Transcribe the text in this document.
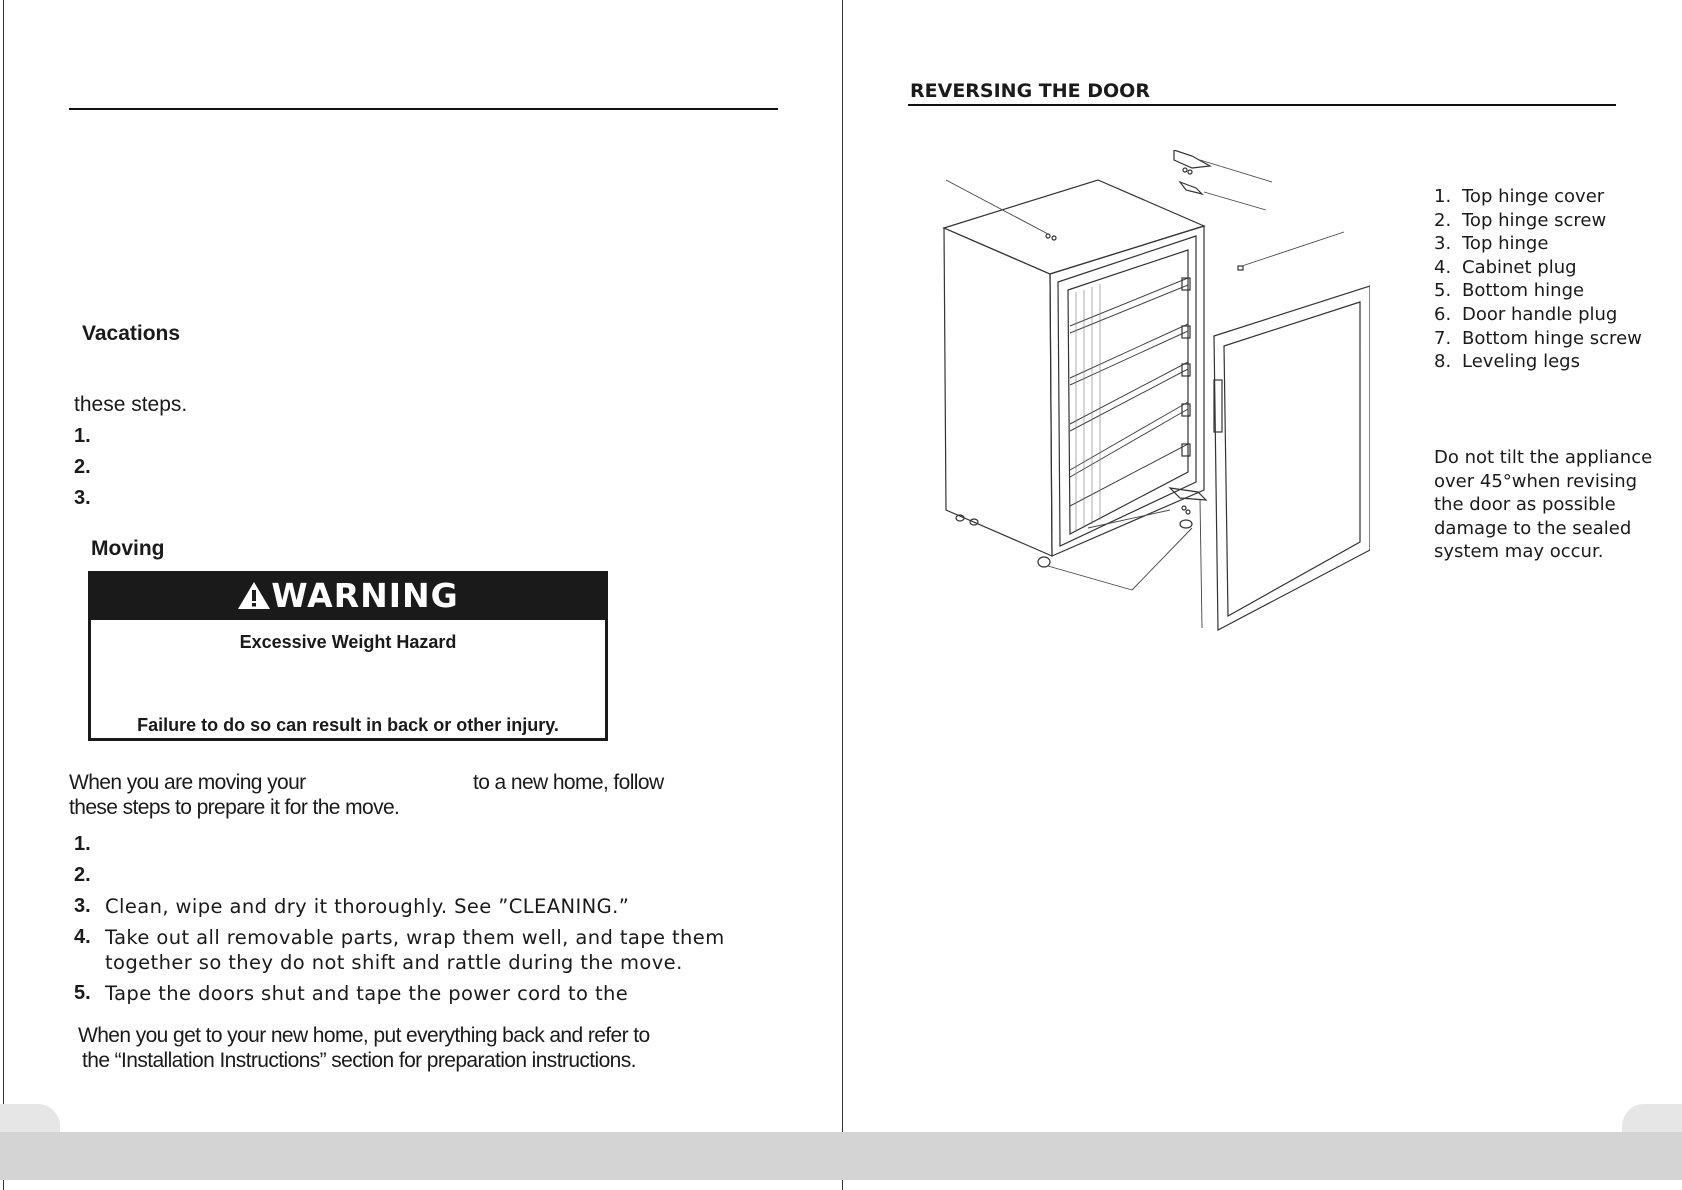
Vacations
these steps.
1.
2.
3.
Moving
WARNING
Excessive Weight Hazard
Failure to do so can result in back or other injury.
When you are moving your	to a new home, follow
these steps to prepare it for the move.
1.
2.
3. Clean, wipe and dry it thoroughly. See ”CLEANING.”
4. Take out all removable parts, wrap them well, and tape them
together so they do not shift and rattle during the move.
5. Tape the doors shut and tape the power cord to the
When you get to your new home, put everything back and refer to
the “Installation Instructions” section for preparation instructions.
REVERSING THE DOOR
1. Top hinge cover
2. Top hinge screw
3. Top hinge
4. Cabinet plug
5. Bottom hinge
6. Door handle plug
7. Bottom hinge screw
8. Leveling legs
Do not tilt the appliance
over 45°when revising
the door as possible
damage to the sealed
system may occur.
